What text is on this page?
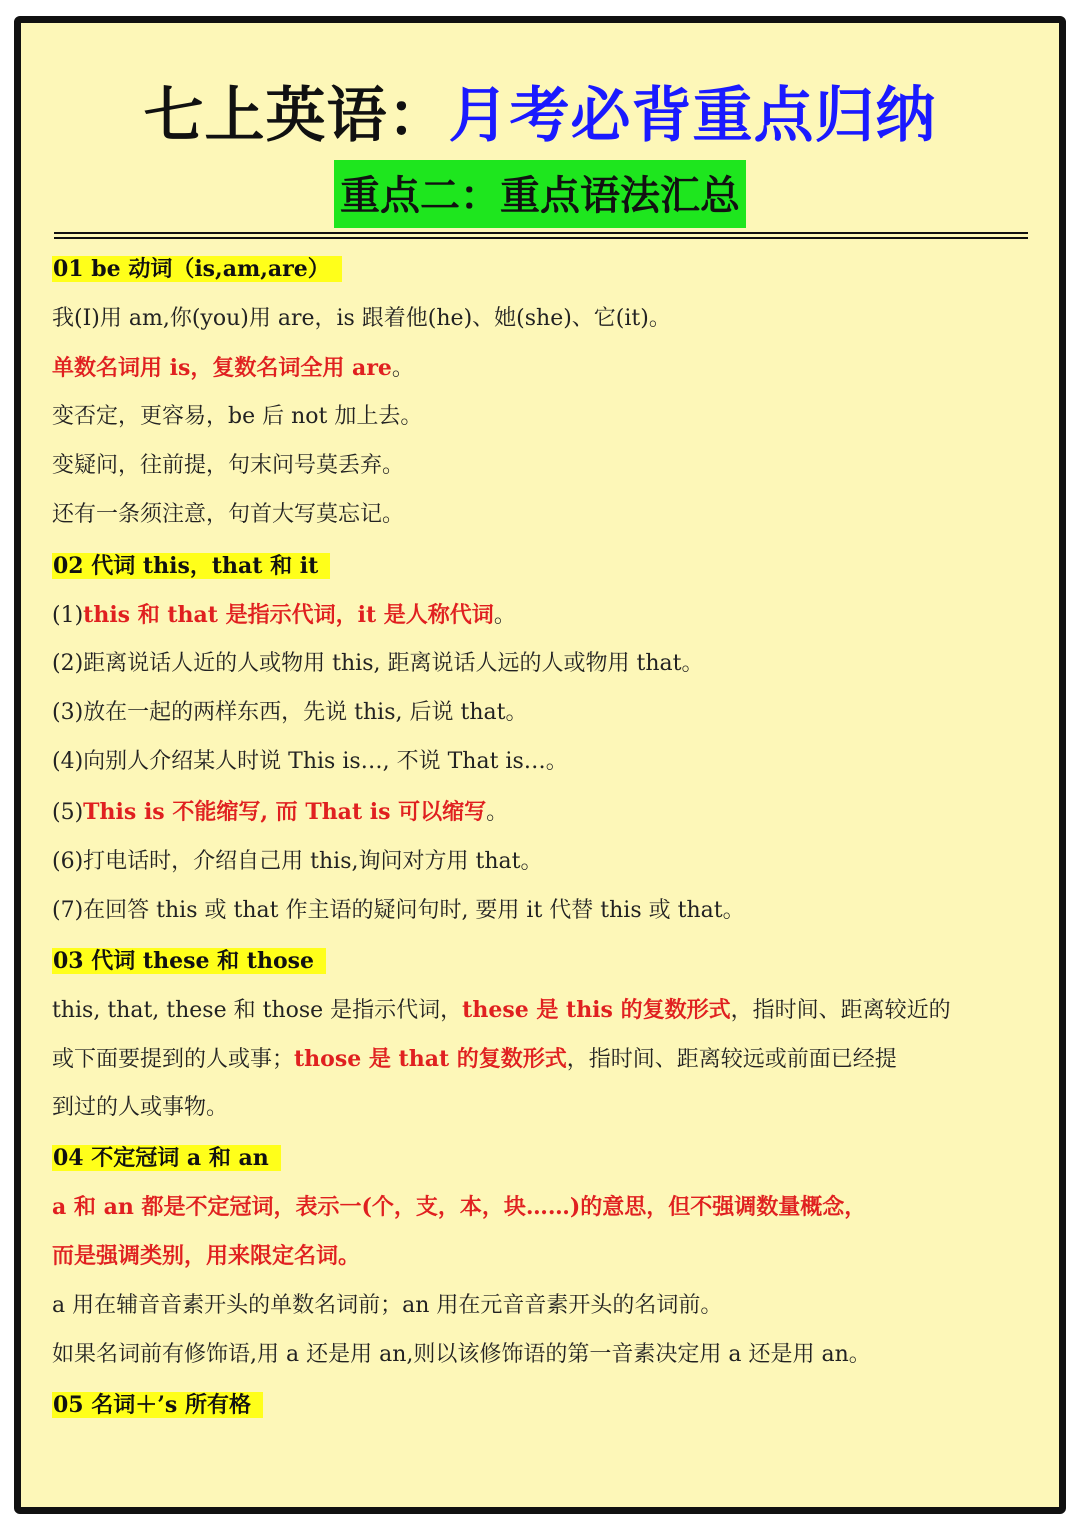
七上英语：月考必背重点归纳
重点二：重点语法汇总
01 be 动词（is,am,are）
我(I)用 am,你(you)用 are，is 跟着他(he)、她(she)、它(it)。
单数名词用 is，复数名词全用 are。
变否定，更容易，be 后 not 加上去。
变疑问，往前提，句末问号莫丢弃。
还有一条须注意，句首大写莫忘记。
02 代词 this，that 和 it
(1)this 和 that 是指示代词，it 是人称代词。
(2)距离说话人近的人或物用 this, 距离说话人远的人或物用 that。
(3)放在一起的两样东西，先说 this, 后说 that。
(4)向别人介绍某人时说 This is…, 不说 That is…。
(5)This is 不能缩写, 而 That is 可以缩写。
(6)打电话时，介绍自己用 this,询问对方用 that。
(7)在回答 this 或 that 作主语的疑问句时, 要用 it 代替 this 或 that。
03 代词 these 和 those
this, that, these 和 those 是指示代词，these 是 this 的复数形式，指时间、距离较近的
或下面要提到的人或事；those 是 that 的复数形式，指时间、距离较远或前面已经提
到过的人或事物。
04 不定冠词 a 和 an
a 和 an 都是不定冠词，表示一(个，支，本，块……)的意思，但不强调数量概念，
而是强调类别，用来限定名词。
a 用在辅音音素开头的单数名词前；an 用在元音音素开头的名词前。
如果名词前有修饰语,用 a 还是用 an,则以该修饰语的第一音素决定用 a 还是用 an。
05 名词＋’s 所有格
